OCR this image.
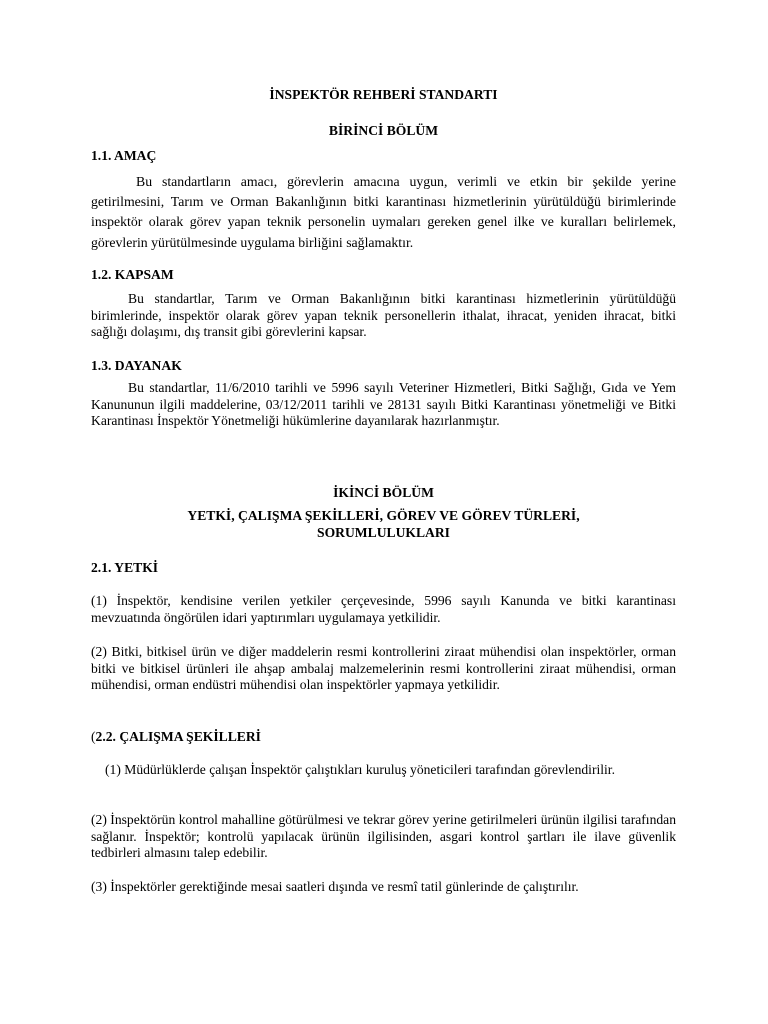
İNSPEKTÖR REHBERİ STANDARTI
BİRİNCİ BÖLÜM
1.1. AMAÇ

Bu standartların amacı, görevlerin amacına uygun, verimli ve etkin bir şekilde yerine getirilmesini, Tarım ve Orman Bakanlığının bitki karantinası hizmetlerinin yürütüldüğü birimlerinde inspektör olarak görev yapan teknik personelin uymaları gereken genel ilke ve kuralları belirlemek, görevlerin yürütülmesinde uygulama birliğini sağlamaktır.

1.2. KAPSAM

Bu standartlar, Tarım ve Orman Bakanlığının bitki karantinası hizmetlerinin yürütüldüğü birimlerinde, inspektör olarak görev yapan teknik personellerin ithalat, ihracat, yeniden ihracat, bitki sağlığı dolaşımı, dış transit gibi görevlerini kapsar.

1.3. DAYANAK

Bu standartlar, 11/6/2010 tarihli ve 5996 sayılı Veteriner Hizmetleri, Bitki Sağlığı, Gıda ve Yem Kanununun ilgili maddelerine, 03/12/2011 tarihli ve 28131 sayılı Bitki Karantinası yönetmeliği ve Bitki Karantinası İnspektör Yönetmeliği hükümlerine dayanılarak hazırlanmıştır.

İKİNCİ BÖLÜM
YETKİ, ÇALIŞMA ŞEKİLLERİ, GÖREV VE GÖREV TÜRLERİ,
SORUMLULUKLARI
2.1. YETKİ

(1) İnspektör, kendisine verilen yetkiler çerçevesinde, 5996 sayılı Kanunda ve bitki karantinası mevzuatında öngörülen idari yaptırımları uygulamaya yetkilidir.

(2) Bitki, bitkisel ürün ve diğer maddelerin resmi kontrollerini ziraat mühendisi olan inspektörler, orman bitki ve bitkisel ürünleri ile ahşap ambalaj malzemelerinin resmi kontrollerini ziraat mühendisi, orman mühendisi, orman endüstri mühendisi olan inspektörler yapmaya yetkilidir.

(2.2. ÇALIŞMA ŞEKİLLERİ

(1) Müdürlüklerde çalışan İnspektör çalıştıkları kuruluş yöneticileri tarafından görevlendirilir.

(2) İnspektörün kontrol mahalline götürülmesi ve tekrar görev yerine getirilmeleri ürünün ilgilisi tarafından sağlanır. İnspektör; kontrolü yapılacak ürünün ilgilisinden, asgari kontrol şartları ile ilave güvenlik tedbirleri almasını talep edebilir.

(3) İnspektörler gerektiğinde mesai saatleri dışında ve resmî tatil günlerinde de çalıştırılır.
